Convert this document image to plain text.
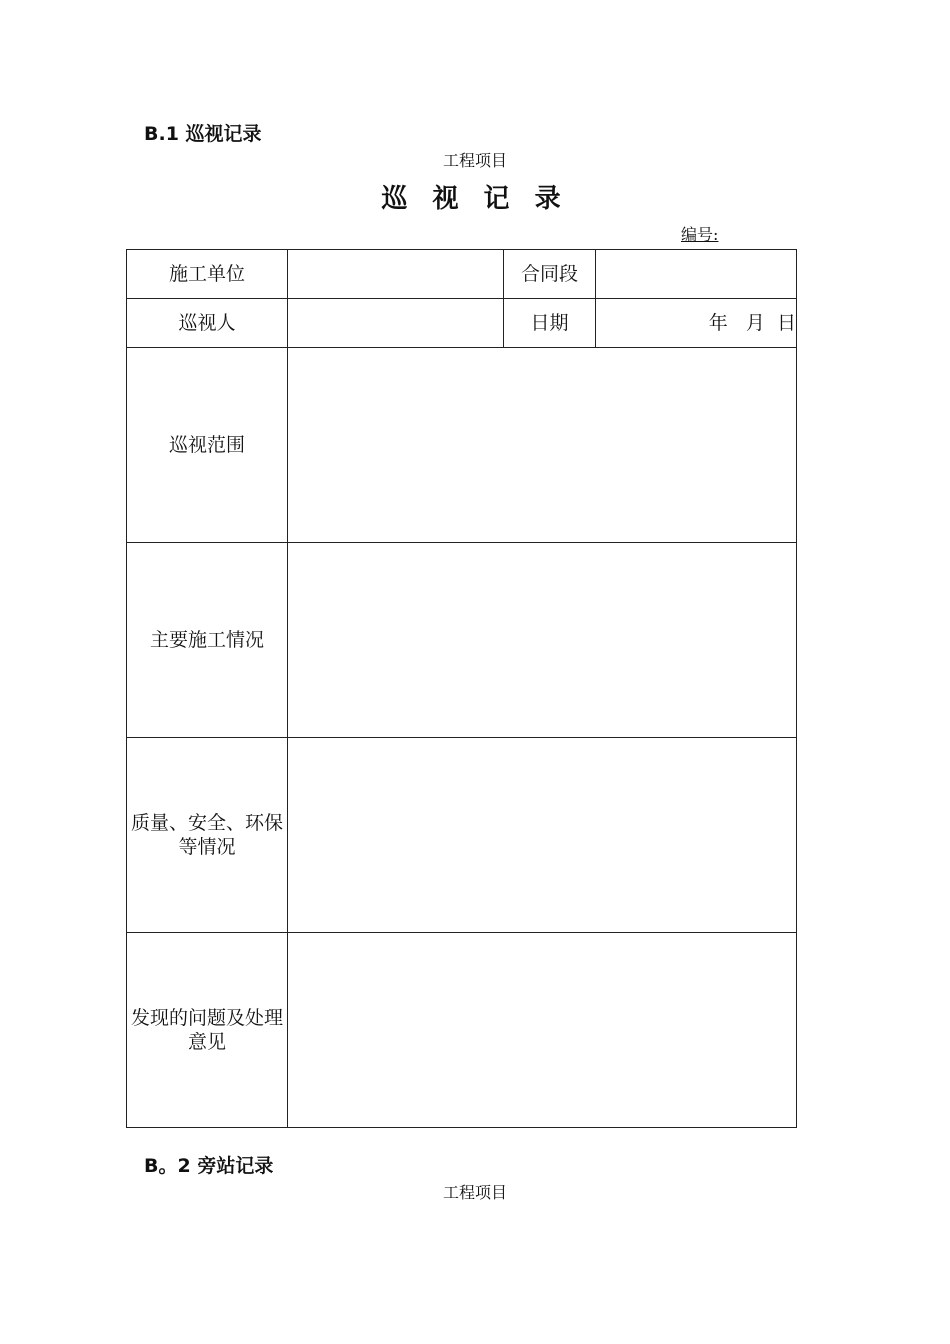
B.1 巡视记录
工程项目
巡 视 记 录
编号:
施工单位		合同段	
巡视人		日期	年   月  日
巡视范围			
主要施工情况			
质量、安全、环保等情况			
发现的问题及处理意见			
B。2 旁站记录
工程项目
